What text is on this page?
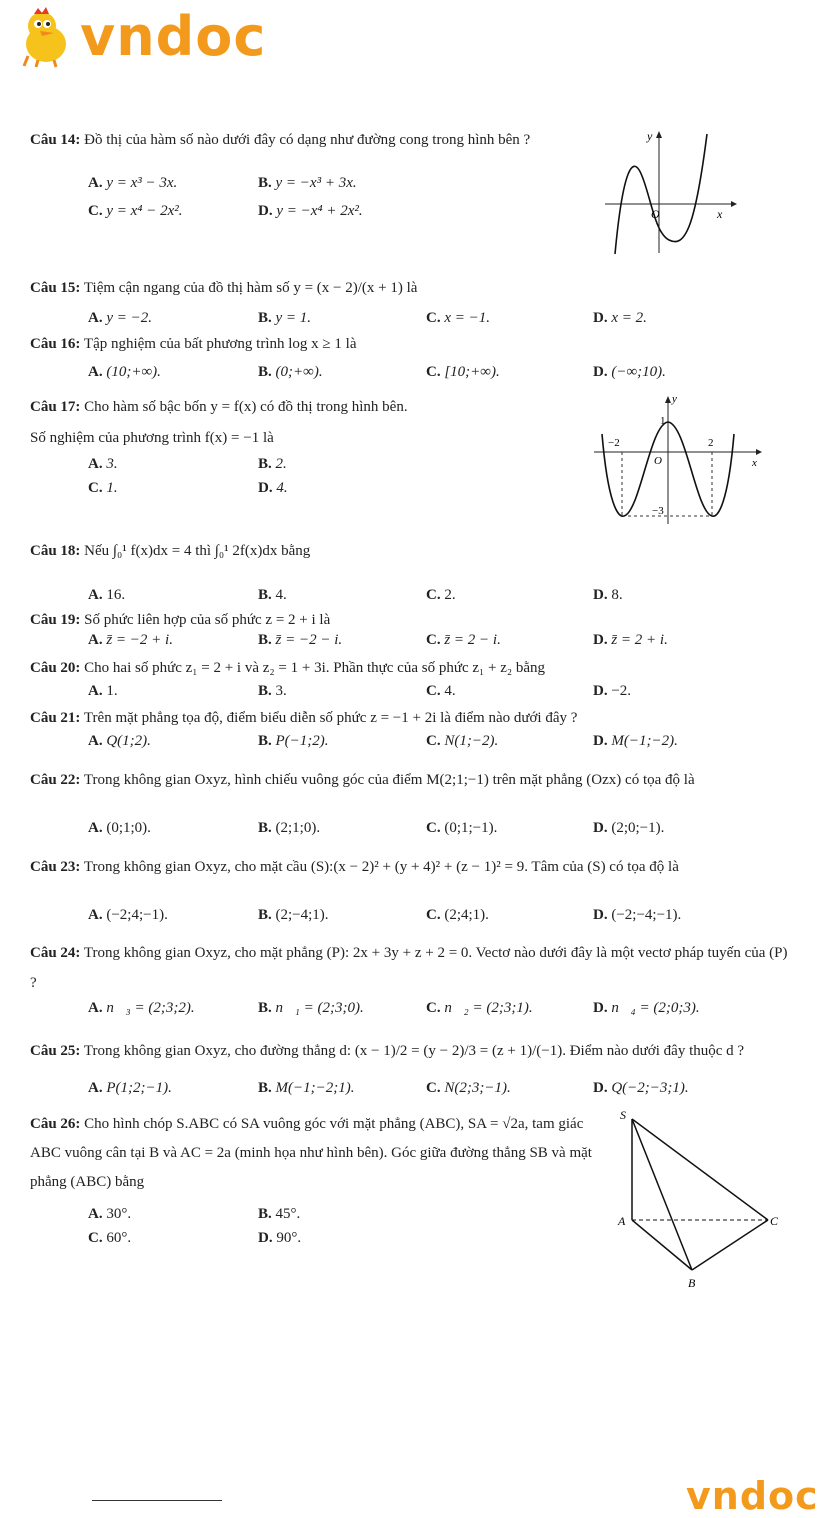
vndoc
Câu 14: Đồ thị của hàm số nào dưới đây có dạng như đường cong trong hình bên ?
A. y = x³ − 3x.	B. y = −x³ + 3x.
C. y = x⁴ − 2x².	D. y = −x⁴ + 2x².
y
x
O
Câu 15: Tiệm cận ngang của đồ thị hàm số y = (x − 2)/(x + 1) là
A. y = −2.	B. y = 1.	C. x = −1.	D. x = 2.
Câu 16: Tập nghiệm của bất phương trình log x ≥ 1 là
A. (10;+∞).	B. (0;+∞).	C. [10;+∞).	D. (−∞;10).
Câu 17: Cho hàm số bậc bốn y = f(x) có đồ thị trong hình bên.
Số nghiệm của phương trình f(x) = −1 là
A. 3.	B. 2.
C. 1.	D. 4.
y
x
O
1
−2	2
−3
Câu 18: Nếu ∫₀¹ f(x)dx = 4 thì ∫₀¹ 2f(x)dx bằng
A. 16.	B. 4.	C. 2.	D. 8.
Câu 19: Số phức liên hợp của số phức z = 2 + i là
A. z̄ = −2 + i.	B. z̄ = −2 − i.	C. z̄ = 2 − i.	D. z̄ = 2 + i.
Câu 20: Cho hai số phức z₁ = 2 + i và z₂ = 1 + 3i. Phần thực của số phức z₁ + z₂ bằng
A. 1.	B. 3.	C. 4.	D. −2.
Câu 21: Trên mặt phẳng tọa độ, điểm biểu diễn số phức z = −1 + 2i là điểm nào dưới đây ?
A. Q(1;2).	B. P(−1;2).	C. N(1;−2).	D. M(−1;−2).
Câu 22: Trong không gian Oxyz, hình chiếu vuông góc của điểm M(2;1;−1) trên mặt phẳng (Ozx) có tọa độ là
A. (0;1;0).	B. (2;1;0).	C. (0;1;−1).	D. (2;0;−1).
Câu 23: Trong không gian Oxyz, cho mặt cầu (S):(x − 2)² + (y + 4)² + (z − 1)² = 9. Tâm của (S) có tọa độ là
A. (−2;4;−1).	B. (2;−4;1).	C. (2;4;1).	D. (−2;−4;−1).
Câu 24: Trong không gian Oxyz, cho mặt phẳng (P): 2x + 3y + z + 2 = 0. Vectơ nào dưới đây là một vectơ pháp tuyến của (P) ?
A. n⃗₃ = (2;3;2).	B. n⃗₁ = (2;3;0).	C. n⃗₂ = (2;3;1).	D. n⃗₄ = (2;0;3).
Câu 25: Trong không gian Oxyz, cho đường thẳng d: (x − 1)/2 = (y − 2)/3 = (z + 1)/(−1). Điểm nào dưới đây thuộc d ?
A. P(1;2;−1).	B. M(−1;−2;1).	C. N(2;3;−1).	D. Q(−2;−3;1).
Câu 26: Cho hình chóp S.ABC có SA vuông góc với mặt phẳng (ABC), SA = √2a, tam giác ABC vuông cân tại B và AC = 2a (minh họa như hình bên). Góc giữa đường thẳng SB và mặt phẳng (ABC) bằng
A. 30°.	B. 45°.
C. 60°.	D. 90°.
S
A
B
C
vndoc
